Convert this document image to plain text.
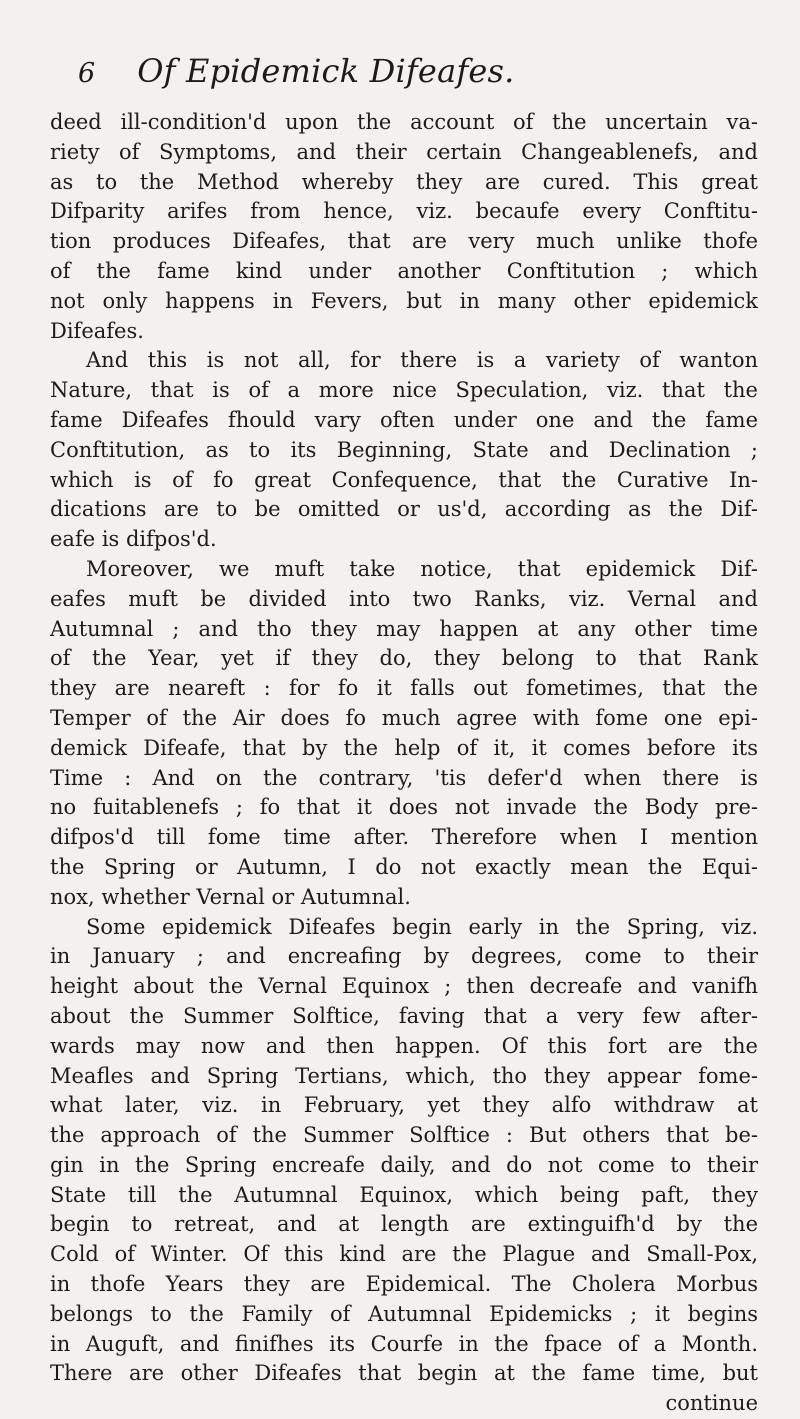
6 Of Epidemick Difeafes.
deed ill-condition'd upon the account of the uncertain va-
riety of Symptoms, and their certain Changeablenefs, and
as to the Method whereby they are cured. This great
Difparity arifes from hence, viz. becaufe every Conftitu-
tion produces Difeafes, that are very much unlike thofe
of the fame kind under another Conftitution ; which
not only happens in Fevers, but in many other epidemick
Difeafes.
And this is not all, for there is a variety of wanton
Nature, that is of a more nice Speculation, viz. that the
fame Difeafes fhould vary often under one and the fame
Conftitution, as to its Beginning, State and Declination ;
which is of fo great Confequence, that the Curative In-
dications are to be omitted or us'd, according as the Dif-
eafe is difpos'd.
Moreover, we muft take notice, that epidemick Dif-
eafes muft be divided into two Ranks, viz. Vernal and
Autumnal ; and tho they may happen at any other time
of the Year, yet if they do, they belong to that Rank
they are neareft : for fo it falls out fometimes, that the
Temper of the Air does fo much agree with fome one epi-
demick Difeafe, that by the help of it, it comes before its
Time : And on the contrary, 'tis defer'd when there is
no fuitablenefs ; fo that it does not invade the Body pre-
difpos'd till fome time after. Therefore when I mention
the Spring or Autumn, I do not exactly mean the Equi-
nox, whether Vernal or Autumnal.
Some epidemick Difeafes begin early in the Spring, viz.
in January ; and encreafing by degrees, come to their
height about the Vernal Equinox ; then decreafe and vanifh
about the Summer Solftice, faving that a very few after-
wards may now and then happen. Of this fort are the
Meafles and Spring Tertians, which, tho they appear fome-
what later, viz. in February, yet they alfo withdraw at
the approach of the Summer Solftice : But others that be-
gin in the Spring encreafe daily, and do not come to their
State till the Autumnal Equinox, which being paft, they
begin to retreat, and at length are extinguifh'd by the
Cold of Winter. Of this kind are the Plague and Small-Pox,
in thofe Years they are Epidemical. The Cholera Morbus
belongs to the Family of Autumnal Epidemicks ; it begins
in Auguft, and finifhes its Courfe in the fpace of a Month.
There are other Difeafes that begin at the fame time, but
continue
